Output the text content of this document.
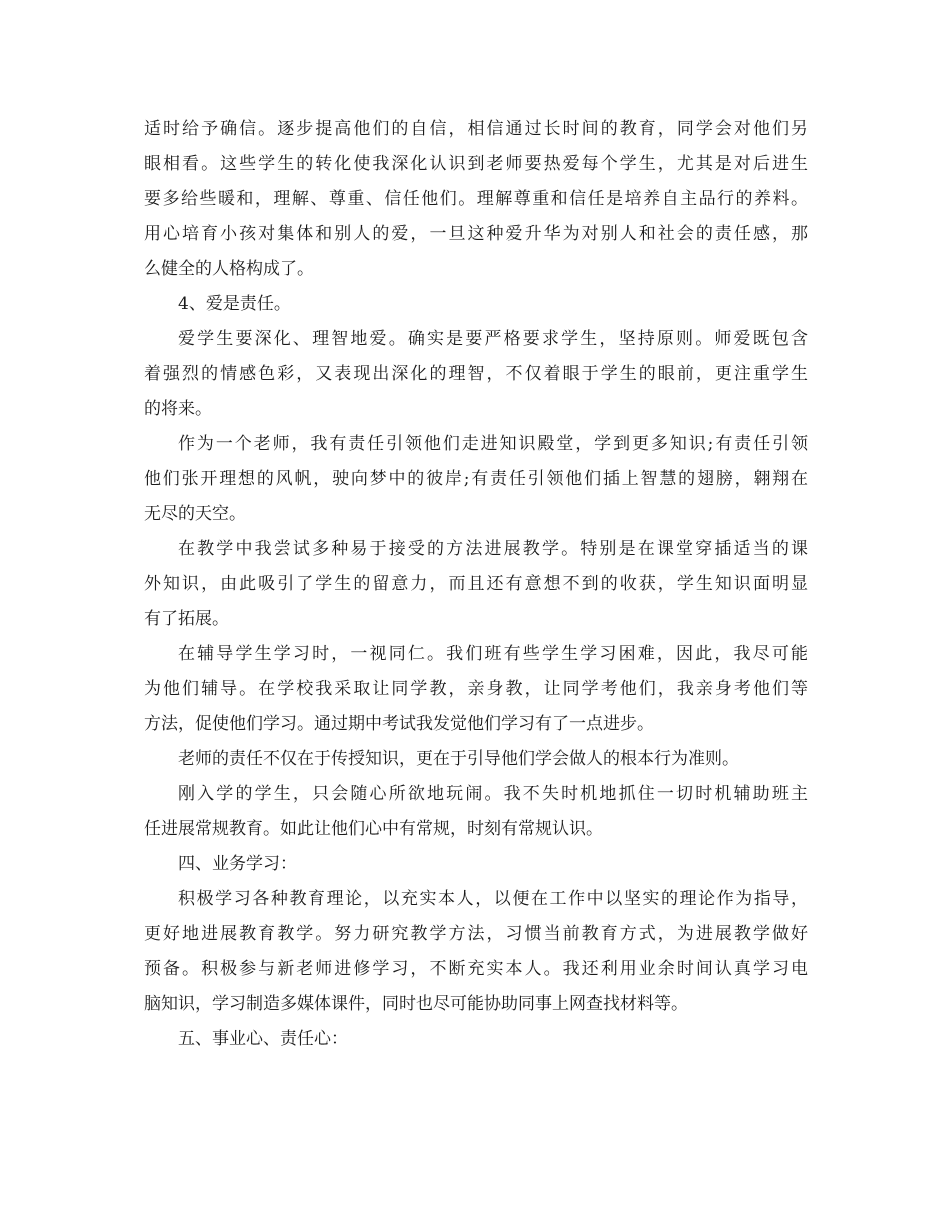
适时给予确信。逐步提高他们的自信，相信通过长时间的教育，同学会对他们另
眼相看。这些学生的转化使我深化认识到老师要热爱每个学生，尤其是对后进生
要多给些暖和，理解、尊重、信任他们。理解尊重和信任是培养自主品行的养料。
用心培育小孩对集体和别人的爱，一旦这种爱升华为对别人和社会的责任感，那
么健全的人格构成了。
4、爱是责任。
爱学生要深化、理智地爱。确实是要严格要求学生，坚持原则。师爱既包含
着强烈的情感色彩，又表现出深化的理智，不仅着眼于学生的眼前，更注重学生
的将来。
作为一个老师，我有责任引领他们走进知识殿堂，学到更多知识;有责任引领
他们张开理想的风帆，驶向梦中的彼岸;有责任引领他们插上智慧的翅膀，翱翔在
无尽的天空。
在教学中我尝试多种易于接受的方法进展教学。特别是在课堂穿插适当的课
外知识，由此吸引了学生的留意力，而且还有意想不到的收获，学生知识面明显
有了拓展。
在辅导学生学习时，一视同仁。我们班有些学生学习困难，因此，我尽可能
为他们辅导。在学校我采取让同学教，亲身教，让同学考他们，我亲身考他们等
方法，促使他们学习。通过期中考试我发觉他们学习有了一点进步。
老师的责任不仅在于传授知识，更在于引导他们学会做人的根本行为准则。
刚入学的学生，只会随心所欲地玩闹。我不失时机地抓住一切时机辅助班主
任进展常规教育。如此让他们心中有常规，时刻有常规认识。
四、业务学习：
积极学习各种教育理论，以充实本人，以便在工作中以坚实的理论作为指导，
更好地进展教育教学。努力研究教学方法，习惯当前教育方式，为进展教学做好
预备。积极参与新老师进修学习，不断充实本人。我还利用业余时间认真学习电
脑知识，学习制造多媒体课件，同时也尽可能协助同事上网查找材料等。
五、事业心、责任心：
